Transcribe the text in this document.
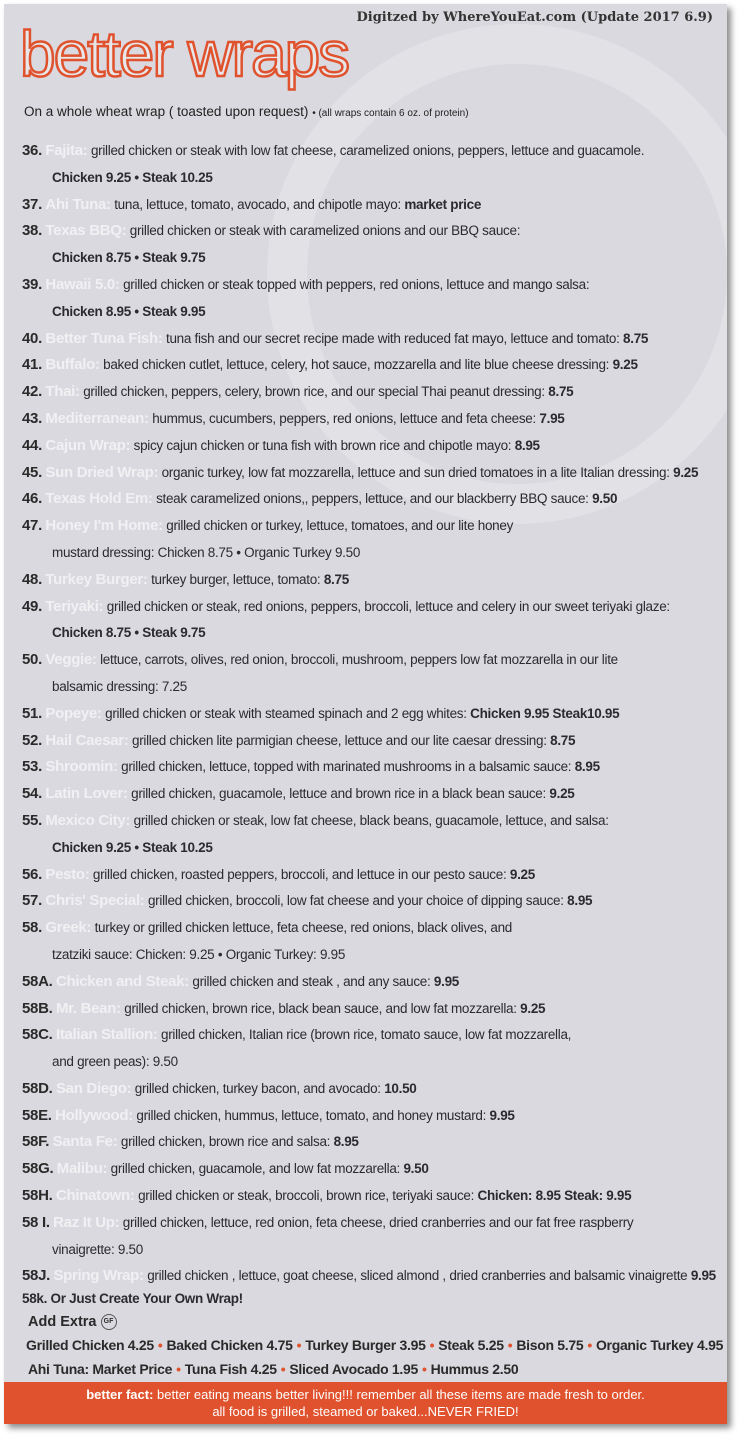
Digitzed by WhereYouEat.com (Update 2017 6.9)
better wraps
On a whole wheat wrap ( toasted upon request) • (all wraps contain 6 oz. of protein)
36. Fajita: grilled chicken or steak with low fat cheese, caramelized onions, peppers, lettuce and guacamole.
Chicken 9.25 • Steak 10.25
37. Ahi Tuna: tuna, lettuce, tomato, avocado, and chipotle mayo: market price
38. Texas BBQ: grilled chicken or steak with caramelized onions and our BBQ sauce:
Chicken 8.75 • Steak 9.75
39. Hawaii 5.0: grilled chicken or steak topped with peppers, red onions, lettuce and mango salsa:
Chicken 8.95 • Steak 9.95
40. Better Tuna Fish: tuna fish and our secret recipe made with reduced fat mayo, lettuce and tomato: 8.75
41. Buffalo: baked chicken cutlet, lettuce, celery, hot sauce, mozzarella and lite blue cheese dressing: 9.25
42. Thai: grilled chicken, peppers, celery, brown rice, and our special Thai peanut dressing: 8.75
43. Mediterranean: hummus, cucumbers, peppers, red onions, lettuce and feta cheese: 7.95
44. Cajun Wrap: spicy cajun chicken or tuna fish with brown rice and chipotle mayo: 8.95
45. Sun Dried Wrap: organic turkey, low fat mozzarella, lettuce and sun dried tomatoes in a lite Italian dressing: 9.25
46. Texas Hold Em: steak caramelized onions,, peppers, lettuce, and our blackberry BBQ sauce: 9.50
47. Honey I'm Home: grilled chicken or turkey, lettuce, tomatoes, and our lite honey
mustard dressing: Chicken 8.75 • Organic Turkey 9.50
48. Turkey Burger: turkey burger, lettuce, tomato: 8.75
49. Teriyaki: grilled chicken or steak, red onions, peppers, broccoli, lettuce and celery in our sweet teriyaki glaze:
Chicken 8.75 • Steak 9.75
50. Veggie: lettuce, carrots, olives, red onion, broccoli, mushroom, peppers low fat mozzarella in our lite
balsamic dressing: 7.25
51. Popeye: grilled chicken or steak with steamed spinach and 2 egg whites: Chicken 9.95 Steak10.95
52. Hail Caesar: grilled chicken lite parmigian cheese, lettuce and our lite caesar dressing: 8.75
53. Shroomin: grilled chicken, lettuce, topped with marinated mushrooms in a balsamic sauce: 8.95
54. Latin Lover: grilled chicken, guacamole, lettuce and brown rice in a black bean sauce: 9.25
55. Mexico City: grilled chicken or steak, low fat cheese, black beans, guacamole, lettuce, and salsa:
Chicken 9.25 • Steak 10.25
56. Pesto: grilled chicken, roasted peppers, broccoli, and lettuce in our pesto sauce: 9.25
57. Chris' Special: grilled chicken, broccoli, low fat cheese and your choice of dipping sauce: 8.95
58. Greek: turkey or grilled chicken lettuce, feta cheese, red onions, black olives, and
tzatziki sauce: Chicken: 9.25 • Organic Turkey: 9.95
58A. Chicken and Steak: grilled chicken and steak , and any sauce: 9.95
58B. Mr. Bean: grilled chicken, brown rice, black bean sauce, and low fat mozzarella: 9.25
58C. Italian Stallion: grilled chicken, Italian rice (brown rice, tomato sauce, low fat mozzarella,
and green peas): 9.50
58D. San Diego: grilled chicken, turkey bacon, and avocado: 10.50
58E. Hollywood: grilled chicken, hummus, lettuce, tomato, and honey mustard: 9.95
58F. Santa Fe: grilled chicken, brown rice and salsa: 8.95
58G. Malibu: grilled chicken, guacamole, and low fat mozzarella: 9.50
58H. Chinatown: grilled chicken or steak, broccoli, brown rice, teriyaki sauce: Chicken: 8.95 Steak: 9.95
58 I. Raz It Up: grilled chicken, lettuce, red onion, feta cheese, dried cranberries and our fat free raspberry
vinaigrette: 9.50
58J. Spring Wrap: grilled chicken , lettuce, goat cheese, sliced almond , dried cranberries and balsamic vinaigrette 9.95
58k. Or Just Create Your Own Wrap!
Add Extra GF
Grilled Chicken 4.25 • Baked Chicken 4.75 • Turkey Burger 3.95 • Steak 5.25 • Bison 5.75 • Organic Turkey 4.95
Ahi Tuna: Market Price • Tuna Fish 4.25 • Sliced Avocado 1.95 • Hummus 2.50
better fact: better eating means better living!!! remember all these items are made fresh to order.
all food is grilled, steamed or baked...NEVER FRIED!
